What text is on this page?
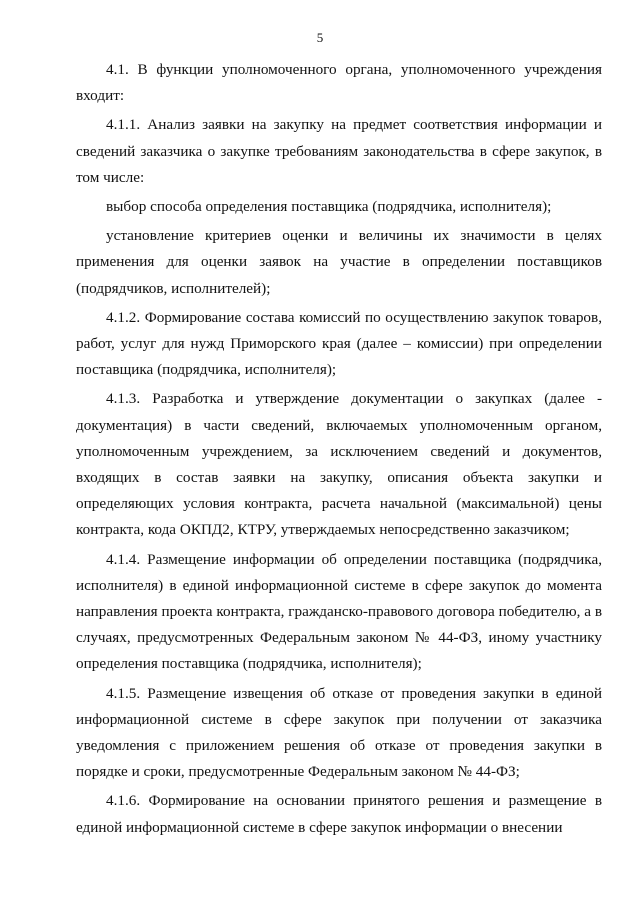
5

4.1. В функции уполномоченного органа, уполномоченного учреждения входит:

4.1.1. Анализ заявки на закупку на предмет соответствия информации и сведений заказчика о закупке требованиям законодательства в сфере закупок, в том числе:

выбор способа определения поставщика (подрядчика, исполнителя);

установление критериев оценки и величины их значимости в целях применения для оценки заявок на участие в определении поставщиков (подрядчиков, исполнителей);

4.1.2. Формирование состава комиссий по осуществлению закупок товаров, работ, услуг для нужд Приморского края (далее – комиссии) при определении поставщика (подрядчика, исполнителя);

4.1.3. Разработка и утверждение документации о закупках (далее - документация) в части сведений, включаемых уполномоченным органом, уполномоченным учреждением, за исключением сведений и документов, входящих в состав заявки на закупку, описания объекта закупки и определяющих условия контракта, расчета начальной (максимальной) цены контракта, кода ОКПД2, КТРУ, утверждаемых непосредственно заказчиком;

4.1.4. Размещение информации об определении поставщика (подрядчика, исполнителя) в единой информационной системе в сфере закупок до момента направления проекта контракта, гражданско-правового договора победителю, а в случаях, предусмотренных Федеральным законом № 44-ФЗ, иному участнику определения поставщика (подрядчика, исполнителя);

4.1.5. Размещение извещения об отказе от проведения закупки в единой информационной системе в сфере закупок при получении от заказчика уведомления с приложением решения об отказе от проведения закупки в порядке и сроки, предусмотренные Федеральным законом № 44-ФЗ;

4.1.6. Формирование на основании принятого решения и размещение в единой информационной системе в сфере закупок информации о внесении
